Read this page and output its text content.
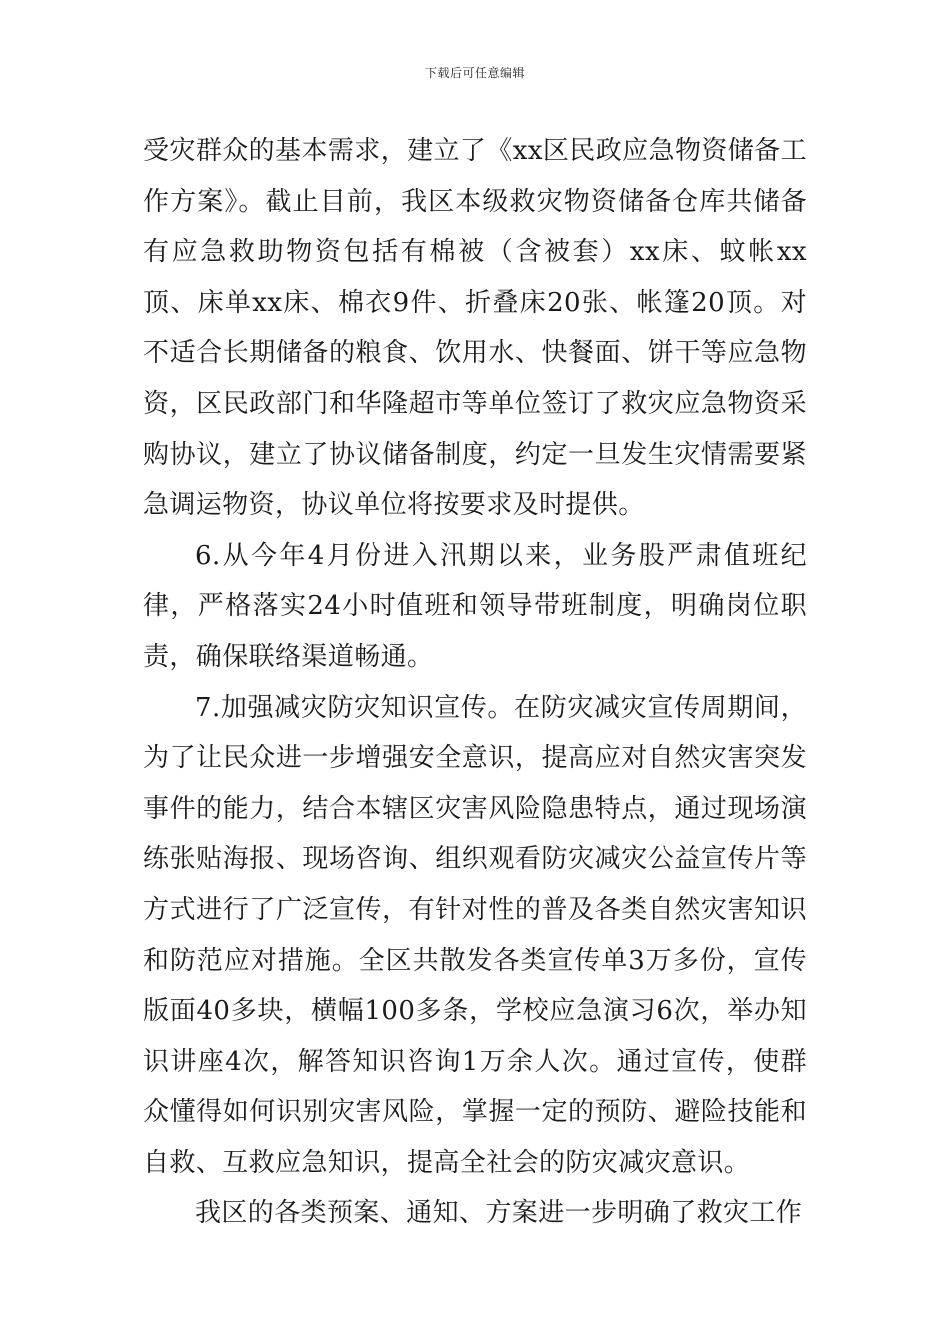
下载后可任意编辑

受灾群众的基本需求，建立了《xx区民政应急物资储备工作方案》。截止目前，我区本级救灾物资储备仓库共储备有应急救助物资包括有棉被（含被套）xx床、蚊帐xx顶、床单xx床、棉衣9件、折叠床20张、帐篷20顶。对不适合长期储备的粮食、饮用水、快餐面、饼干等应急物资，区民政部门和华隆超市等单位签订了救灾应急物资采购协议，建立了协议储备制度，约定一旦发生灾情需要紧急调运物资，协议单位将按要求及时提供。

6.从今年4月份进入汛期以来，业务股严肃值班纪律，严格落实24小时值班和领导带班制度，明确岗位职责，确保联络渠道畅通。

7.加强减灾防灾知识宣传。在防灾减灾宣传周期间，为了让民众进一步增强安全意识，提高应对自然灾害突发事件的能力，结合本辖区灾害风险隐患特点，通过现场演练张贴海报、现场咨询、组织观看防灾减灾公益宣传片等方式进行了广泛宣传，有针对性的普及各类自然灾害知识和防范应对措施。全区共散发各类宣传单3万多份，宣传版面40多块，横幅100多条，学校应急演习6次，举办知识讲座4次，解答知识咨询1万余人次。通过宣传，使群众懂得如何识别灾害风险，掌握一定的预防、避险技能和自救、互救应急知识，提高全社会的防灾减灾意识。

我区的各类预案、通知、方案进一步明确了救灾工作
